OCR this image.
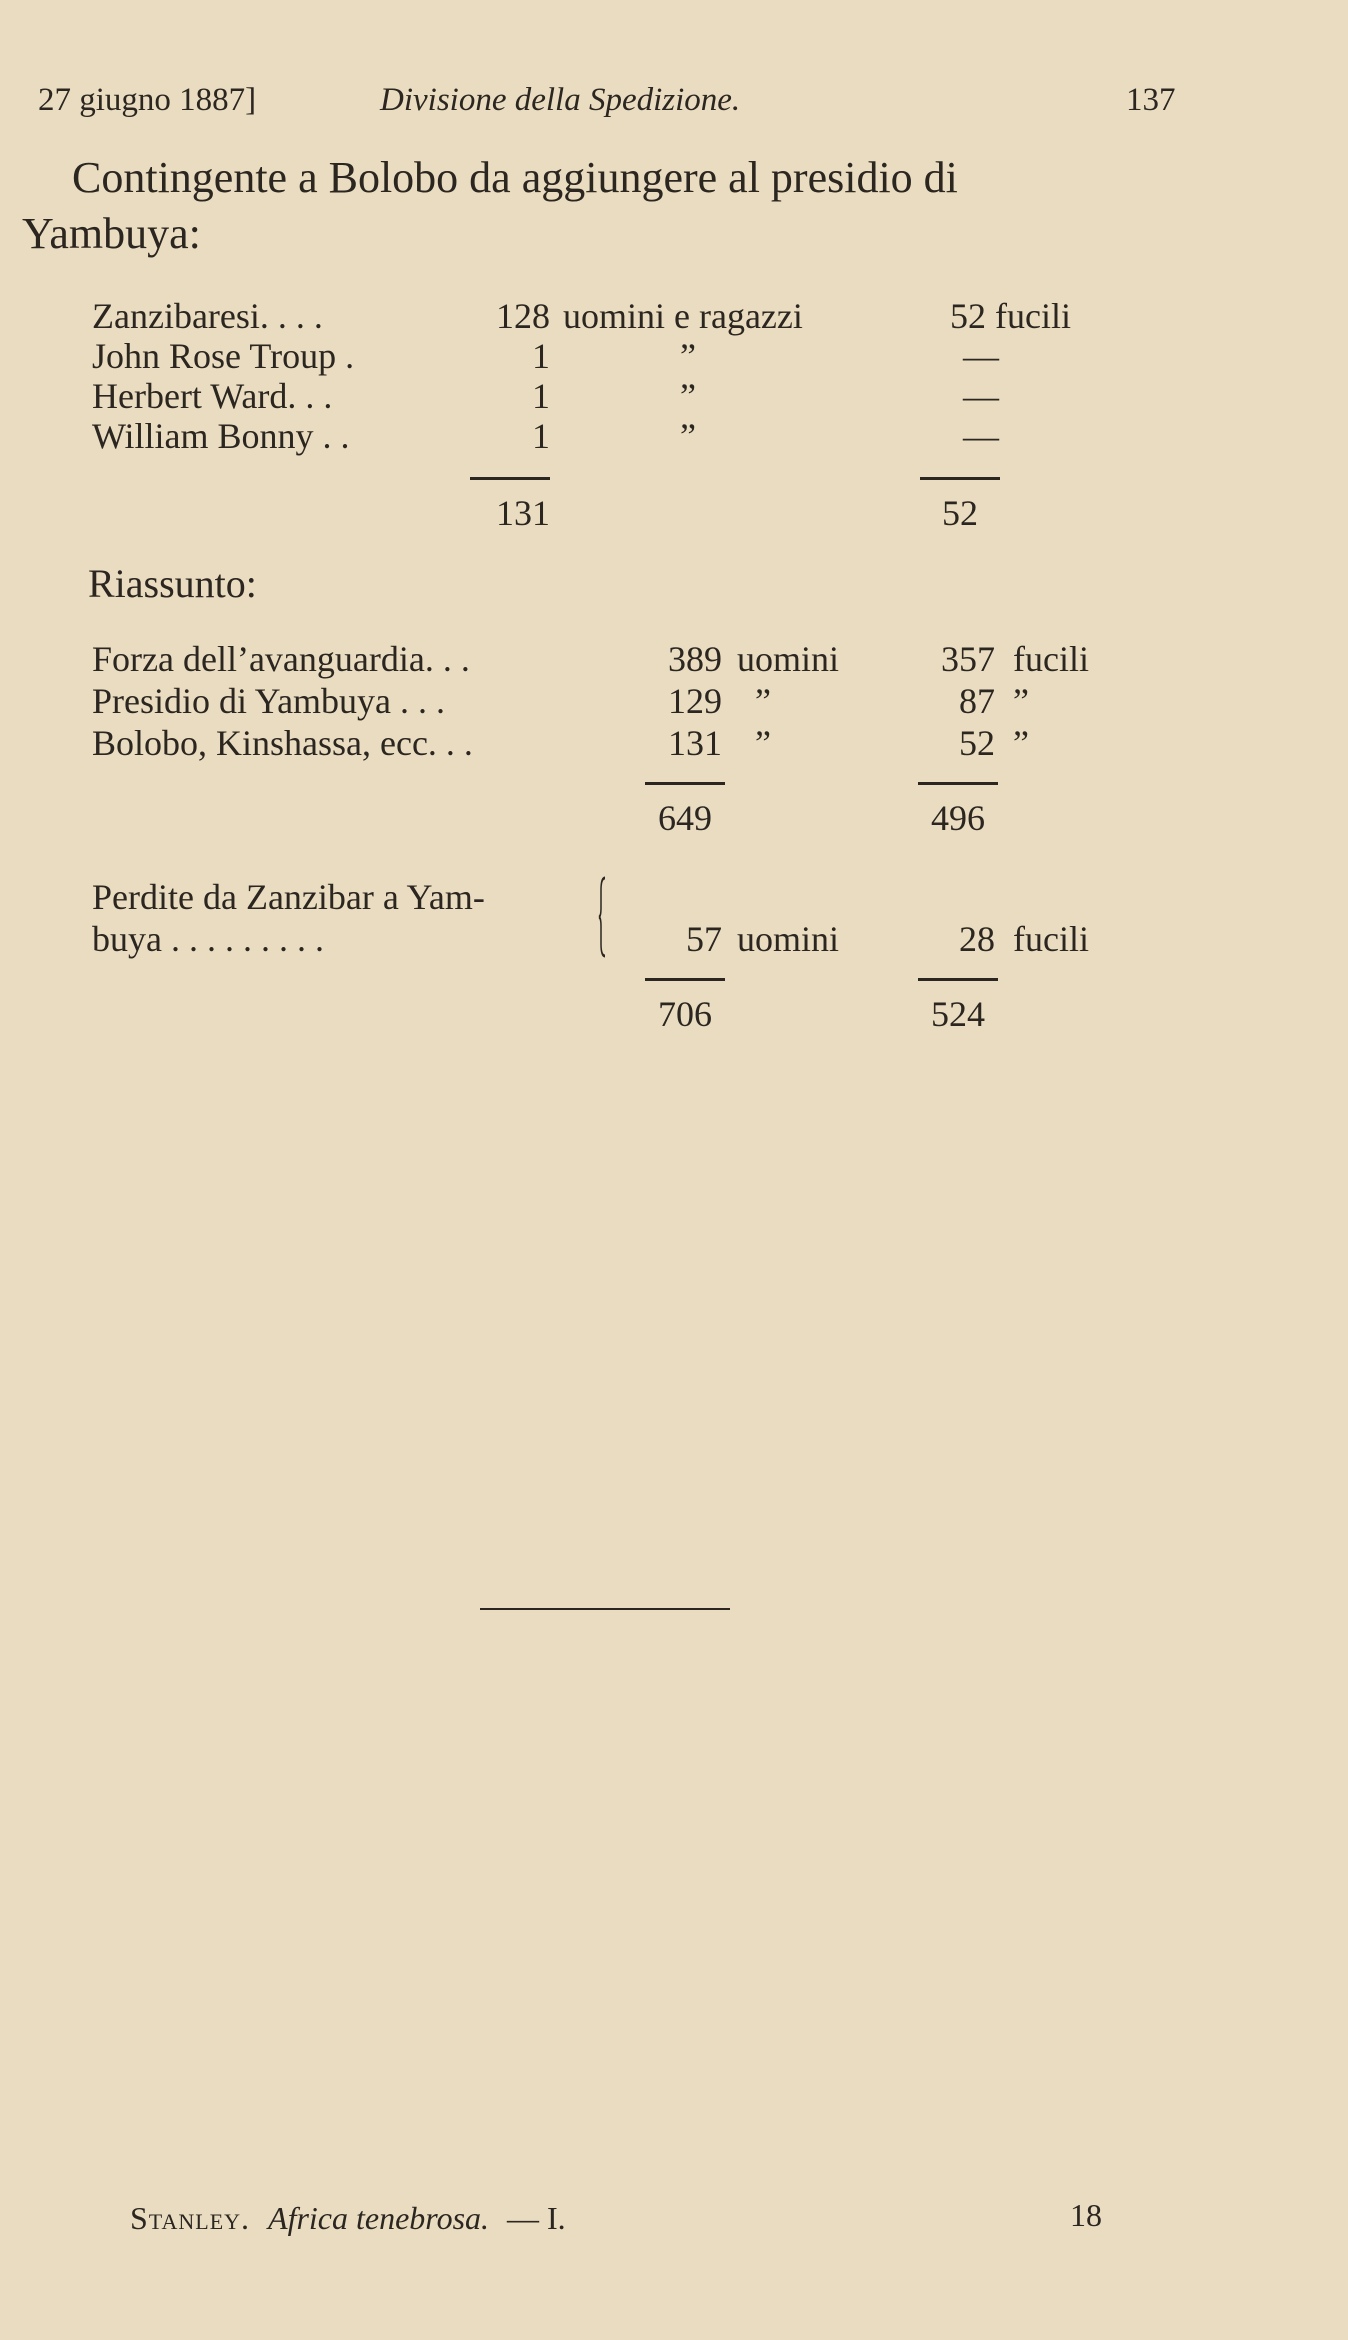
27 giugno 1887]	Divisione della Spedizione.	137
Contingente a Bolobo da aggiungere al presidio di
Yambuya:
Zanzibaresi. . . .	128 uomini e ragazzi	52 fucili
John Rose Troup .	1	”	—
Herbert Ward. . .	1	”	—
William Bonny . .	1	”	—
131	52
Riassunto:
Forza dell’avanguardia. . .	389 uomini	357 fucili
Presidio di Yambuya . . .	129 ”	87 ”
Bolobo, Kinshassa, ecc. . .	131 ”	52 ”
649	496
Perdite da Zanzibar a Yam-
buya . . . . . . . . .	57 uomini	28 fucili
706	524
Stanley. Africa tenebrosa. — I.	18
